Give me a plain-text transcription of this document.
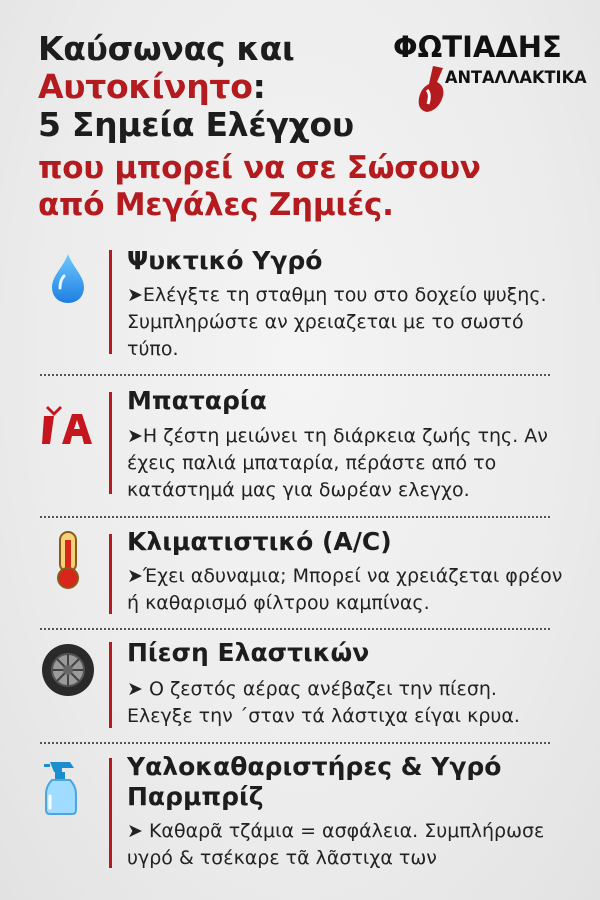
Καύσωνας και
Αυτοκίνητο:
5 Σημεία Ελέγχου
που μπορεί να σε Σώσουν
από Μεγάλες Ζημιές.
ΦΩΤΙΑΔΗΣ
ΑΝΤΑΛΛΑΚΤΙΚΑ
Ψυκτικό Υγρό
➤Ελέγξτε τη σταθμη του στο δοχείο ψυξης. Συμπληρώστε αν χρειαζεται με το σωστό τύπο.
Μπαταρία
➤Η ζέστη μειώνει τη διάρκεια ζωής της. Αν έχεις παλιά μπαταρία, πέράστε από το κατάστημά μας για δωρέαν ελεγχο.
Κλιματιστικό (A/C)
➤Έχει αδυναμια; Μπορεί να χρειάζεται φρέον ή καθαρισμό φίλτρου καμπίνας.
Πίεση Ελαστικών
➤ Ο ζεστός αέρας ανέβαζει την πίεση. Ελεγξε την ΄σταν τά λάστιχα είγαι κρυα.
Υαλοκαθαριστήρες & Υγρό Παρμπρίζ
➤ Καθαρᾶ τζάμια = ασφάλεια. Συμπλήρωσε υγρό & τσέκαρε τᾶ λᾶστιχα των
